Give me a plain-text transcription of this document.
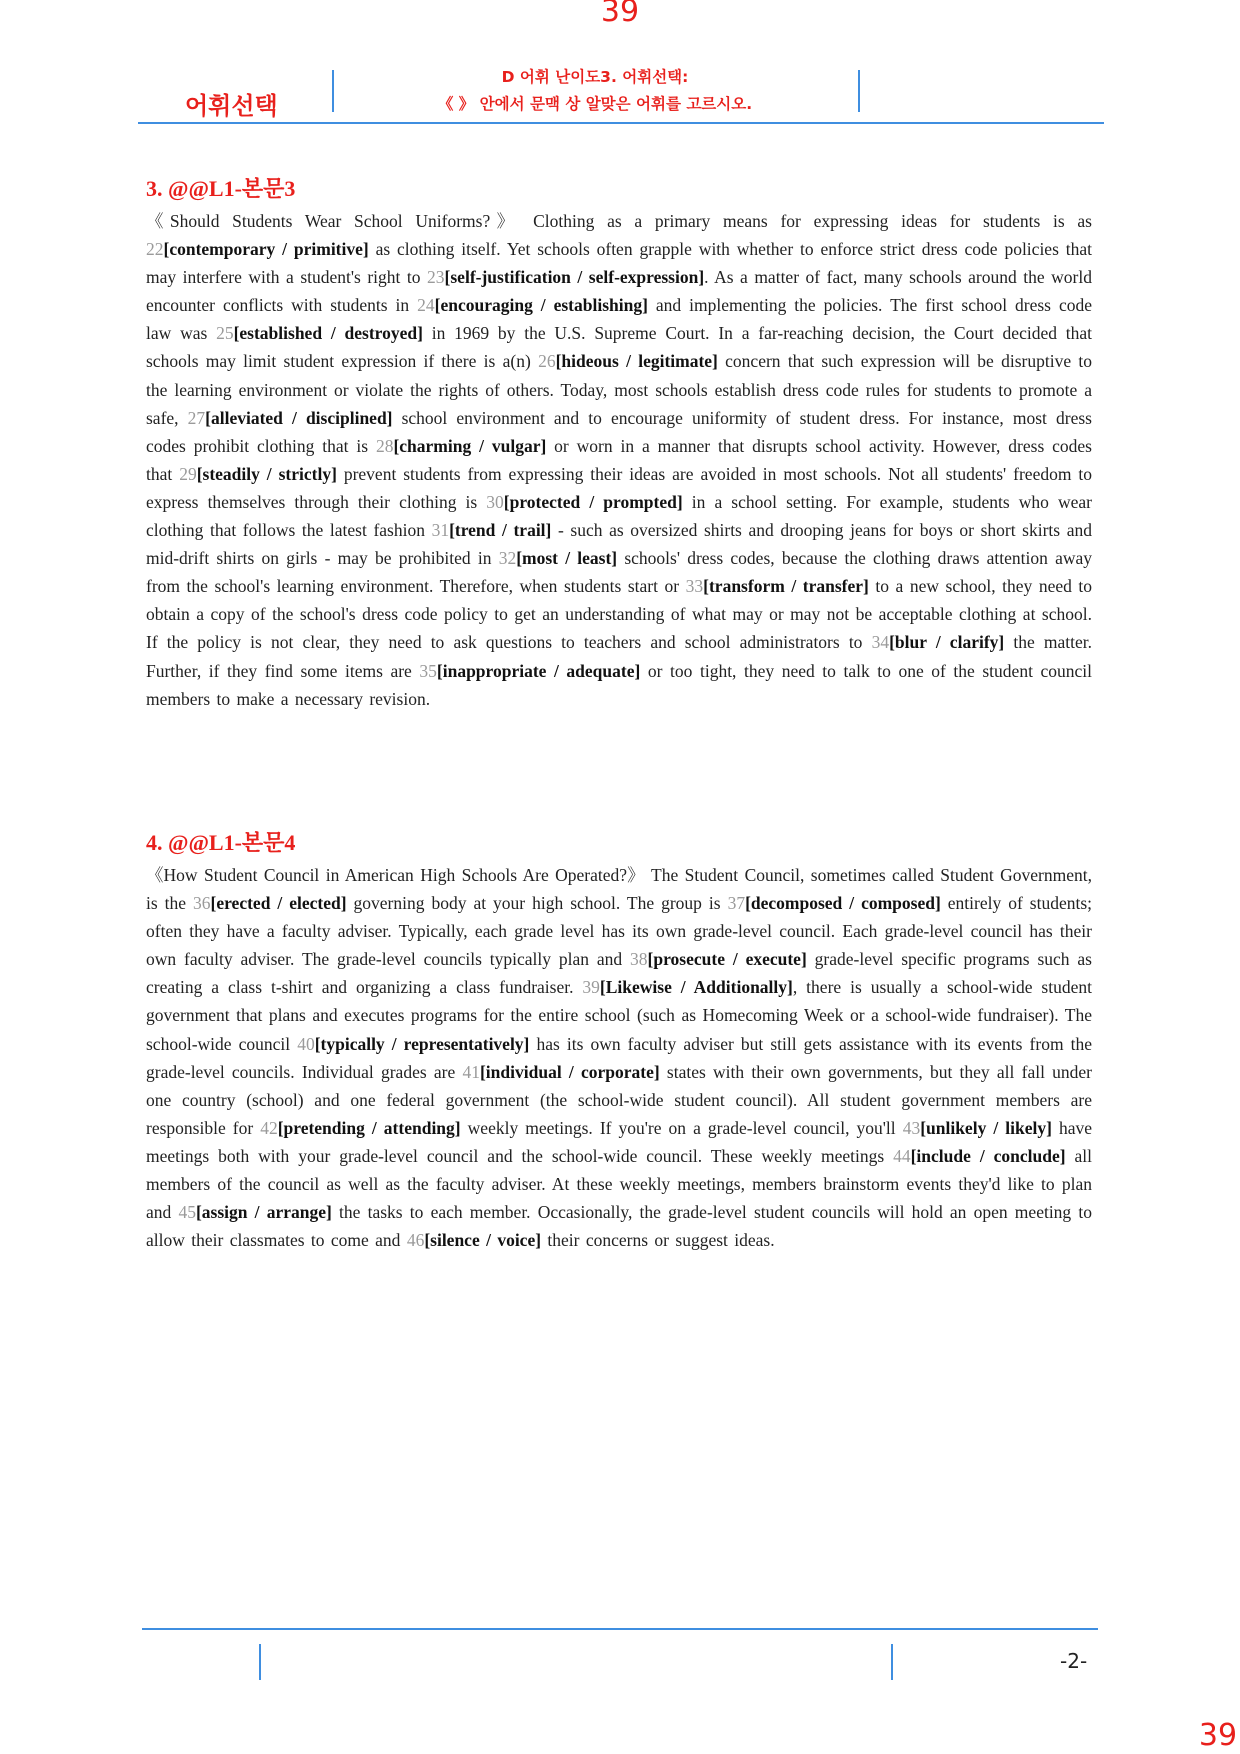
39
어휘선택
D 어휘 난이도3. 어휘선택:
《 》 안에서 문맥 상 알맞은 어휘를 고르시오.
3. @@L1-본문3
《Should Students Wear School Uniforms?》 Clothing as a primary means for expressing ideas for students is as 22[contemporary / primitive] as clothing itself. Yet schools often grapple with whether to enforce strict dress code policies that may interfere with a student's right to 23[self-justification / self-expression]. As a matter of fact, many schools around the world encounter conflicts with students in 24[encouraging / establishing] and implementing the policies. The first school dress code law was 25[established / destroyed] in 1969 by the U.S. Supreme Court. In a far-reaching decision, the Court decided that schools may limit student expression if there is a(n) 26[hideous / legitimate] concern that such expression will be disruptive to the learning environment or violate the rights of others. Today, most schools establish dress code rules for students to promote a safe, 27[alleviated / disciplined] school environment and to encourage uniformity of student dress. For instance, most dress codes prohibit clothing that is 28[charming / vulgar] or worn in a manner that disrupts school activity. However, dress codes that 29[steadily / strictly] prevent students from expressing their ideas are avoided in most schools. Not all students' freedom to express themselves through their clothing is 30[protected / prompted] in a school setting. For example, students who wear clothing that follows the latest fashion 31[trend / trail] - such as oversized shirts and drooping jeans for boys or short skirts and mid-drift shirts on girls - may be prohibited in 32[most / least] schools' dress codes, because the clothing draws attention away from the school's learning environment. Therefore, when students start or 33[transform / transfer] to a new school, they need to obtain a copy of the school's dress code policy to get an understanding of what may or may not be acceptable clothing at school. If the policy is not clear, they need to ask questions to teachers and school administrators to 34[blur / clarify] the matter. Further, if they find some items are 35[inappropriate / adequate] or too tight, they need to talk to one of the student council members to make a necessary revision.
4. @@L1-본문4
《How Student Council in American High Schools Are Operated?》 The Student Council, sometimes called Student Government, is the 36[erected / elected] governing body at your high school. The group is 37[decomposed / composed] entirely of students; often they have a faculty adviser. Typically, each grade level has its own grade-level council. Each grade-level council has their own faculty adviser. The grade-level councils typically plan and 38[prosecute / execute] grade-level specific programs such as creating a class t-shirt and organizing a class fundraiser. 39[Likewise / Additionally], there is usually a school-wide student government that plans and executes programs for the entire school (such as Homecoming Week or a school-wide fundraiser). The school-wide council 40[typically / representatively] has its own faculty adviser but still gets assistance with its events from the grade-level councils. Individual grades are 41[individual / corporate] states with their own governments, but they all fall under one country (school) and one federal government (the school-wide student council). All student government members are responsible for 42[pretending / attending] weekly meetings. If you're on a grade-level council, you'll 43[unlikely / likely] have meetings both with your grade-level council and the school-wide council. These weekly meetings 44[include / conclude] all members of the council as well as the faculty adviser. At these weekly meetings, members brainstorm events they'd like to plan and 45[assign / arrange] the tasks to each member. Occasionally, the grade-level student councils will hold an open meeting to allow their classmates to come and 46[silence / voice] their concerns or suggest ideas.
-2-
39
